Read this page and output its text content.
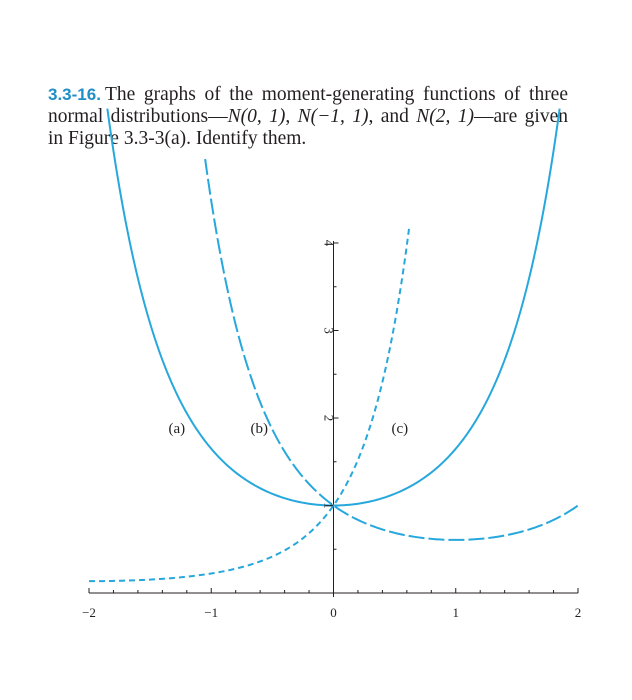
3.3-16. The graphs of the moment-generating functions of three normal distributions—N(0, 1), N(−1, 1), and N(2, 1)—are given in Figure 3.3-3(a). Identify them.

−2	−1	0	1	2
1
2
3
4
(a)	(b)	(c)
